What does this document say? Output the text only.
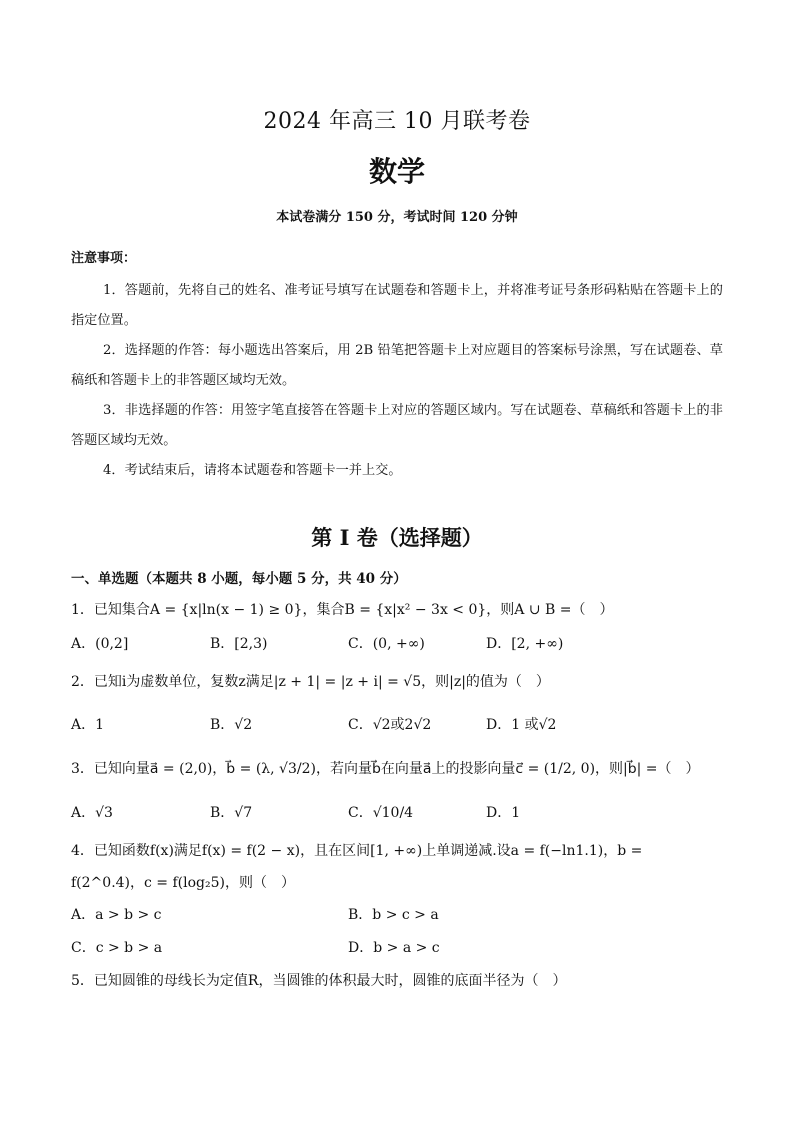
2024 年高三 10 月联考卷
数学
本试卷满分 150 分，考试时间 120 分钟
注意事项：
1．答题前，先将自己的姓名、准考证号填写在试题卷和答题卡上，并将准考证号条形码粘贴在答题卡上的指定位置。
2．选择题的作答：每小题选出答案后，用 2B 铅笔把答题卡上对应题目的答案标号涂黑，写在试题卷、草稿纸和答题卡上的非答题区域均无效。
3．非选择题的作答：用签字笔直接答在答题卡上对应的答题区域内。写在试题卷、草稿纸和答题卡上的非答题区域均无效。
4．考试结束后，请将本试题卷和答题卡一并上交。
第 I 卷（选择题）
一、单选题（本题共 8 小题，每小题 5 分，共 40 分）
1．已知集合A = {x|ln(x − 1) ≥ 0}，集合B = {x|x² − 3x < 0}，则A ∪ B =（　）
A．(0,2]	B．[2,3)	C．(0, +∞)	D．[2, +∞)
2．已知i为虚数单位，复数z满足|z + 1| = |z + i| = √5，则|z|的值为（　）
A．1	B．√2	C．√2或2√2	D．1 或√2
3．已知向量a⃗ = (2,0)，b⃗ = (λ, √3/2)，若向量b⃗在向量a⃗上的投影向量c⃗ = (1/2, 0)，则|b⃗| =（　）
A．√3	B．√7	C．√10/4	D．1
4．已知函数f(x)满足f(x) = f(2 − x)，且在区间[1, +∞)上单调递减.设a = f(−ln1.1)，b =
f(2^0.4)，c = f(log₂5)，则（　）
A．a > b > c	B．b > c > a
C．c > b > a	D．b > a > c
5．已知圆锥的母线长为定值R，当圆锥的体积最大时，圆锥的底面半径为（　）
